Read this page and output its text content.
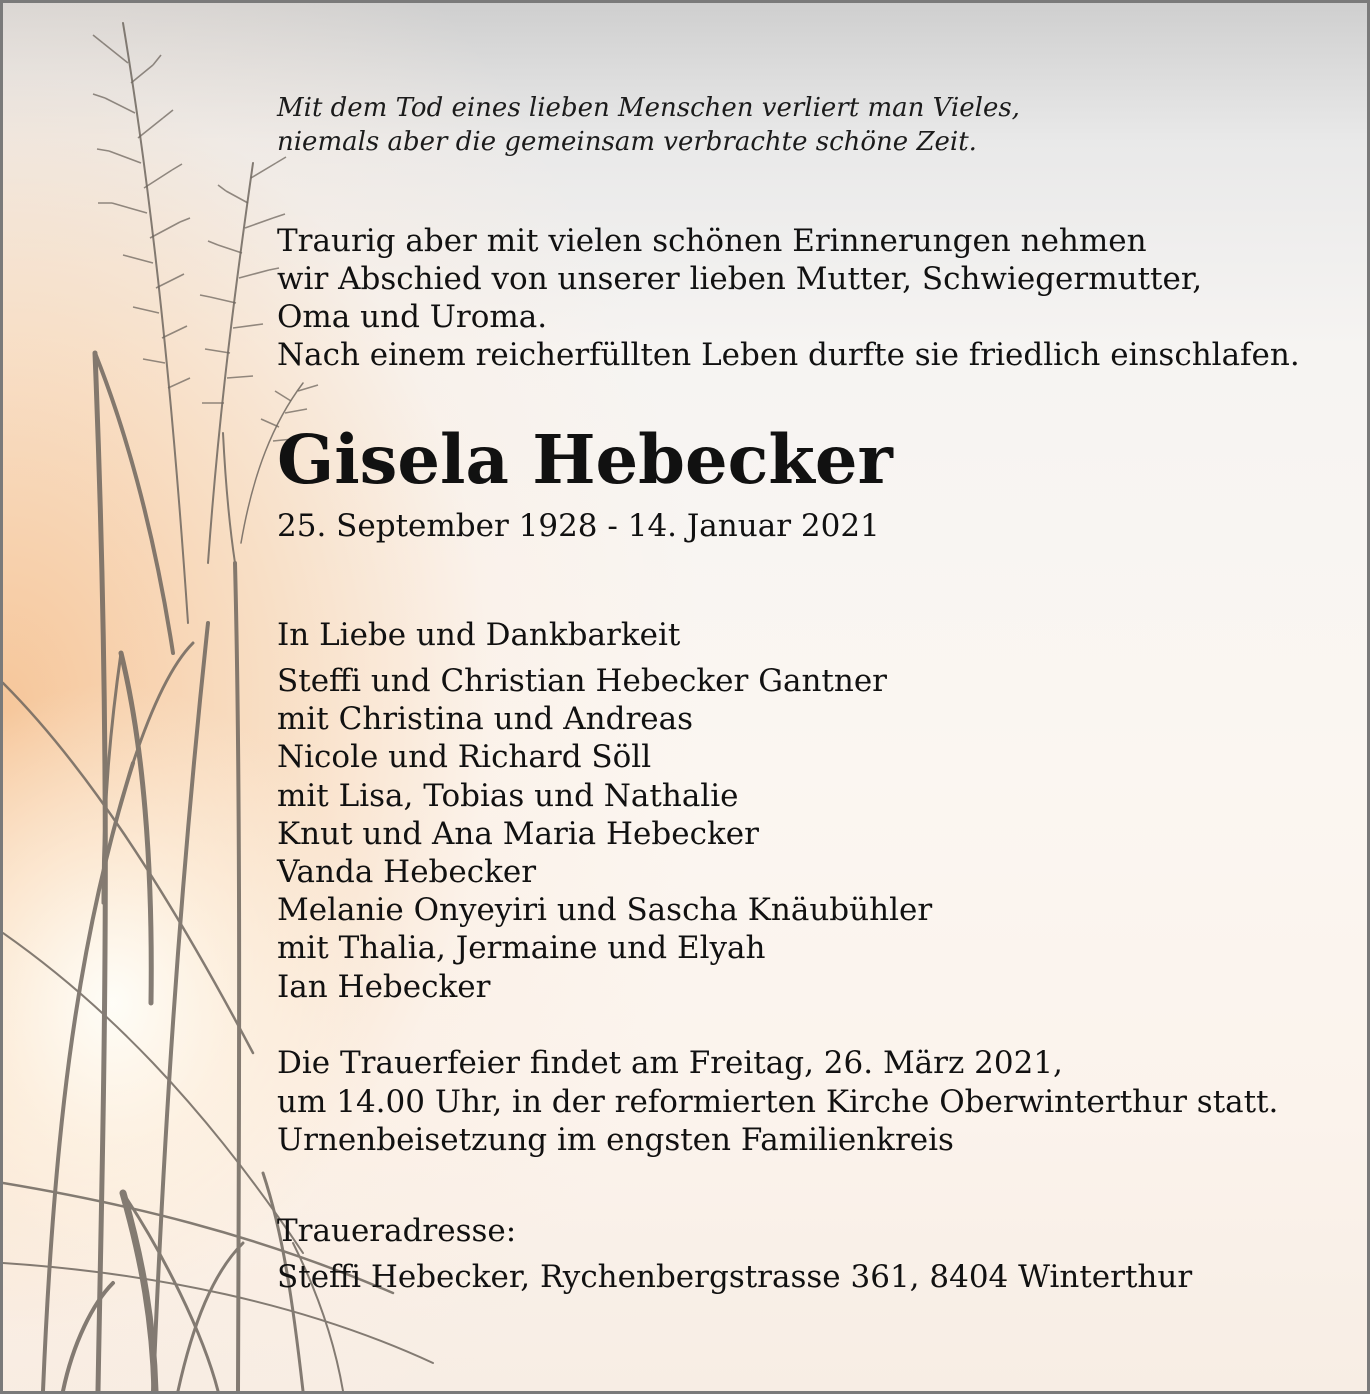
Mit dem Tod eines lieben Menschen verliert man Vieles,
niemals aber die gemeinsam verbrachte schöne Zeit.
Traurig aber mit vielen schönen Erinnerungen nehmen
wir Abschied von unserer lieben Mutter, Schwiegermutter,
Oma und Uroma.
Nach einem reicherfüllten Leben durfte sie friedlich einschlafen.
Gisela Hebecker
25. September 1928 - 14. Januar 2021
In Liebe und Dankbarkeit
Steffi und Christian Hebecker Gantner
mit Christina und Andreas
Nicole und Richard Söll
mit Lisa, Tobias und Nathalie
Knut und Ana Maria Hebecker
Vanda Hebecker
Melanie Onyeyiri und Sascha Knäubühler
mit Thalia, Jermaine und Elyah
Ian Hebecker
Die Trauerfeier findet am Freitag, 26. März 2021,
um 14.00 Uhr, in der reformierten Kirche Oberwinterthur statt.
Urnenbeisetzung im engsten Familienkreis
Traueradresse:
Steffi Hebecker, Rychenbergstrasse 361, 8404 Winterthur
